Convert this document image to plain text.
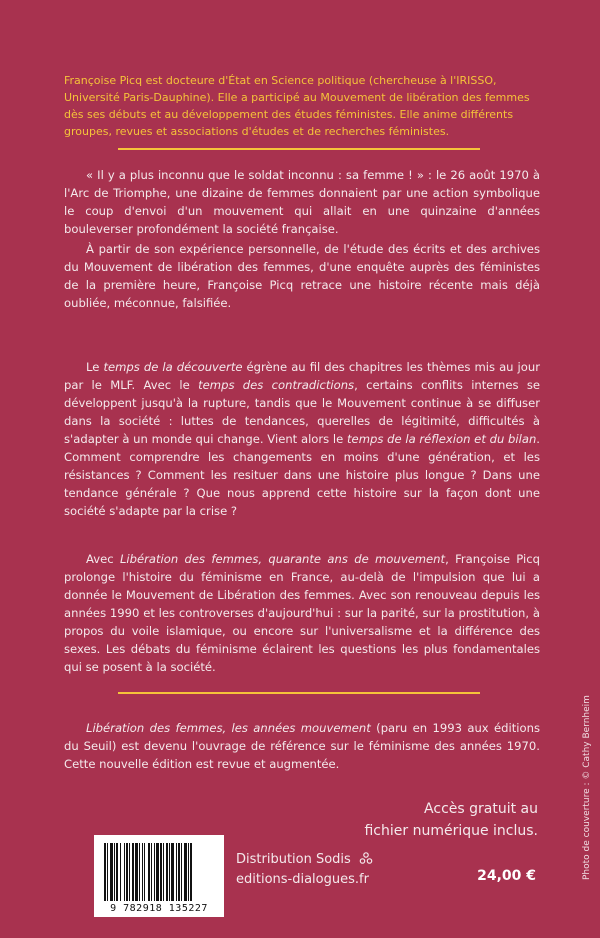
Françoise Picq est docteure d'État en Science politique (chercheuse à l'IRISSO, Université Paris-Dauphine). Elle a participé au Mouvement de libération des femmes dès ses débuts et au développement des études féministes. Elle anime différents groupes, revues et associations d'études et de recherches féministes.

« Il y a plus inconnu que le soldat inconnu : sa femme ! » : le 26 août 1970 à l'Arc de Triomphe, une dizaine de femmes donnaient par une action symbolique le coup d'envoi d'un mouvement qui allait en une quinzaine d'années bouleverser profondément la société française.

À partir de son expérience personnelle, de l'étude des écrits et des archives du Mouvement de libération des femmes, d'une enquête auprès des féministes de la première heure, Françoise Picq retrace une histoire récente mais déjà oubliée, méconnue, falsifiée.

Le temps de la découverte égrène au fil des chapitres les thèmes mis au jour par le MLF. Avec le temps des contradictions, certains conflits internes se développent jusqu'à la rupture, tandis que le Mouvement continue à se diffuser dans la société : luttes de tendances, querelles de légitimité, difficultés à s'adapter à un monde qui change. Vient alors le temps de la réflexion et du bilan. Comment comprendre les changements en moins d'une génération, et les résistances ? Comment les resituer dans une histoire plus longue ? Dans une tendance générale ? Que nous apprend cette histoire sur la façon dont une société s'adapte par la crise ?

Avec Libération des femmes, quarante ans de mouvement, Françoise Picq prolonge l'histoire du féminisme en France, au-delà de l'impulsion que lui a donnée le Mouvement de Libération des femmes. Avec son renouveau depuis les années 1990 et les controverses d'aujourd'hui : sur la parité, sur la prostitution, à propos du voile islamique, ou encore sur l'universalisme et la différence des sexes. Les débats du féminisme éclairent les questions les plus fondamentales qui se posent à la société.

Libération des femmes, les années mouvement (paru en 1993 aux éditions du Seuil) est devenu l'ouvrage de référence sur le féminisme des années 1970. Cette nouvelle édition est revue et augmentée.

Accès gratuit au
fichier numérique inclus.
9 782918 135227
Distribution Sodis
editions-dialogues.fr	24,00 €	Photo de couverture : © Cathy Bernheim
